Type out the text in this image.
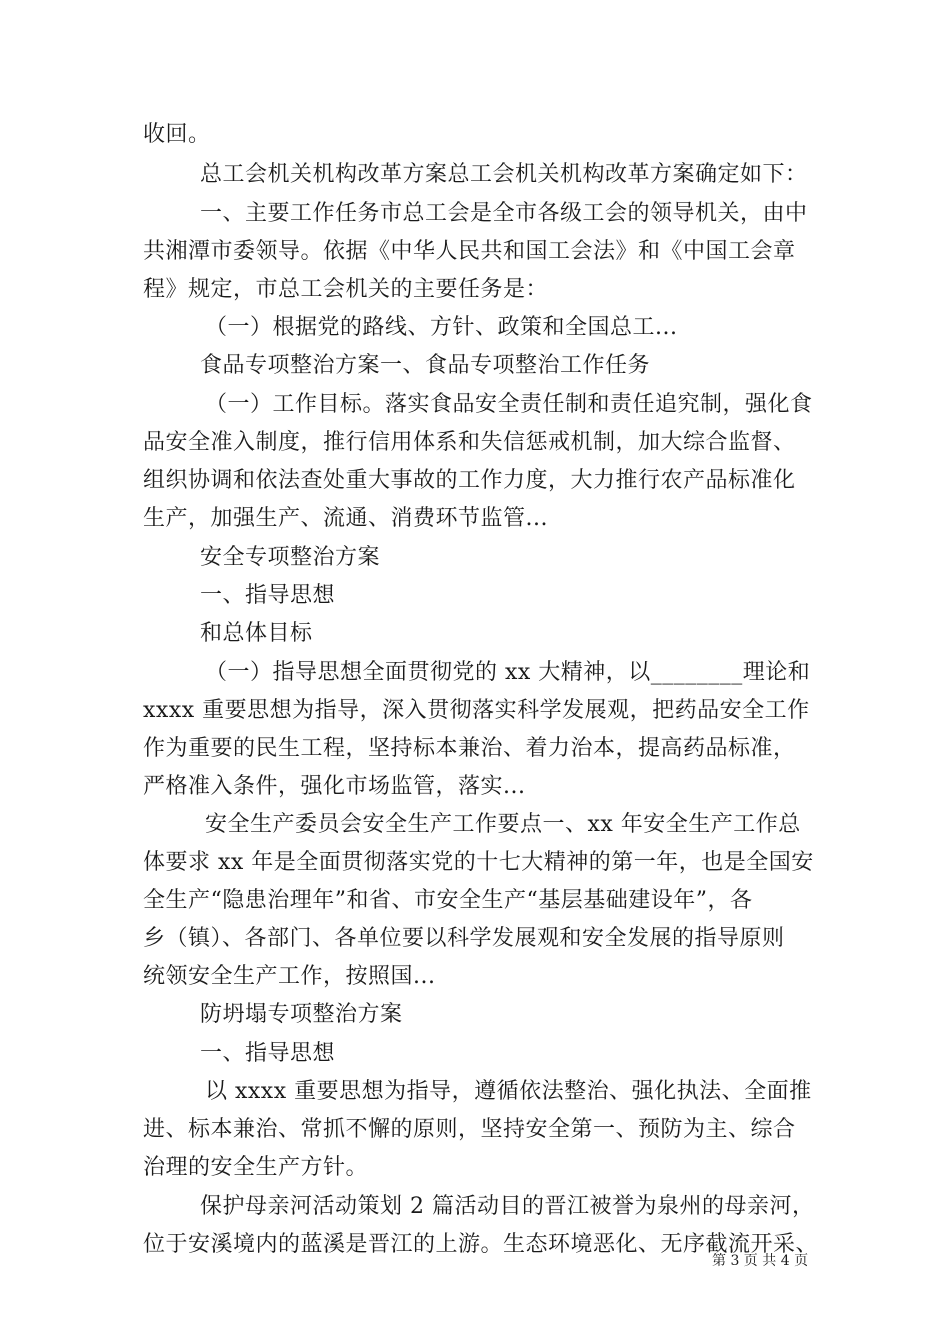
收回。
总工会机关机构改革方案总工会机关机构改革方案确定如下：
一、主要工作任务市总工会是全市各级工会的领导机关，由中
共湘潭市委领导。依据《中华人民共和国工会法》和《中国工会章
程》规定，市总工会机关的主要任务是：
（一）根据党的路线、方针、政策和全国总工...
食品专项整治方案一、食品专项整治工作任务
（一）工作目标。落实食品安全责任制和责任追究制，强化食
品安全准入制度，推行信用体系和失信惩戒机制，加大综合监督、
组织协调和依法查处重大事故的工作力度，大力推行农产品标准化
生产，加强生产、流通、消费环节监管...
安全专项整治方案
一、指导思想
和总体目标
（一）指导思想全面贯彻党的 xx 大精神，以________理论和
xxxx 重要思想为指导，深入贯彻落实科学发展观，把药品安全工作
作为重要的民生工程，坚持标本兼治、着力治本，提高药品标准，
严格准入条件，强化市场监管，落实...
安全生产委员会安全生产工作要点一、xx 年安全生产工作总
体要求 xx 年是全面贯彻落实党的十七大精神的第一年，也是全国安
全生产“隐患治理年”和省、市安全生产“基层基础建设年”，各
乡（镇）、各部门、各单位要以科学发展观和安全发展的指导原则
统领安全生产工作，按照国...
防坍塌专项整治方案
一、指导思想
以 xxxx 重要思想为指导，遵循依法整治、强化执法、全面推
进、标本兼治、常抓不懈的原则，坚持安全第一、预防为主、综合
治理的安全生产方针。
保护母亲河活动策划 2 篇活动目的晋江被誉为泉州的母亲河，
位于安溪境内的蓝溪是晋江的上游。生态环境恶化、无序截流开采、
第 3 页 共 4 页
